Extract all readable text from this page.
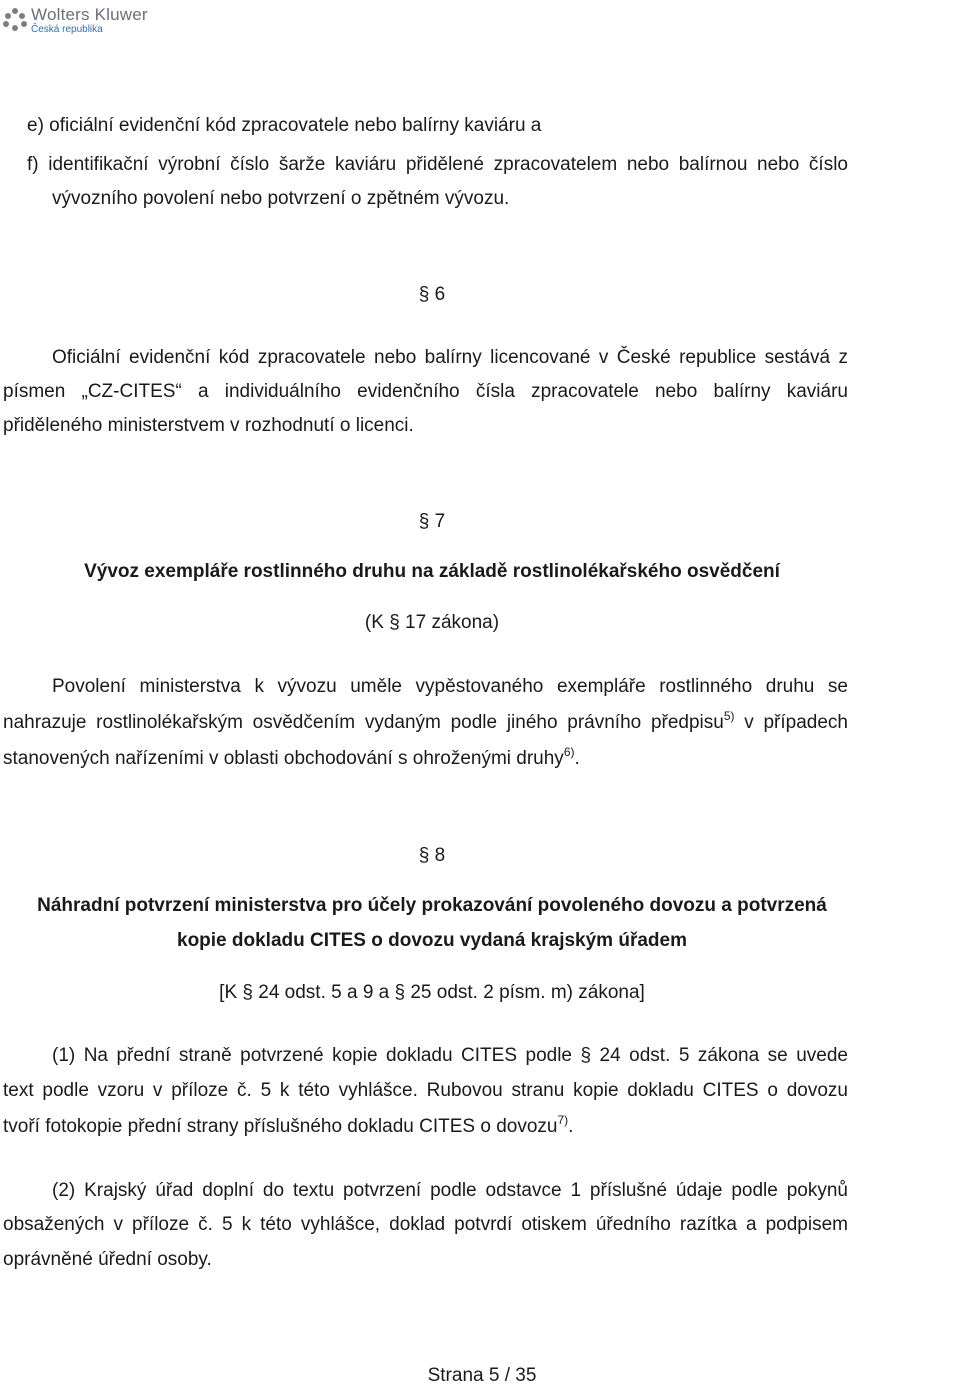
Wolters Kluwer
Česká republika
e) oficiální evidenční kód zpracovatele nebo balírny kaviáru a
f) identifikační výrobní číslo šarže kaviáru přidělené zpracovatelem nebo balírnou nebo číslo
vývozního povolení nebo potvrzení o zpětném vývozu.
§ 6
Oficiální evidenční kód zpracovatele nebo balírny licencované v České republice sestává z
písmen „CZ-CITES“ a individuálního evidenčního čísla zpracovatele nebo balírny kaviáru
přiděleného ministerstvem v rozhodnutí o licenci.
§ 7
Vývoz exempláře rostlinného druhu na základě rostlinolékařského osvědčení
(K § 17 zákona)
Povolení ministerstva k vývozu uměle vypěstovaného exempláře rostlinného druhu se
nahrazuje rostlinolékařským osvědčením vydaným podle jiného právního předpisu$^{5)}$ v případech
stanovených nařízeními v oblasti obchodování s ohroženými druhy$^{6)}$.
§ 8
Náhradní potvrzení ministerstva pro účely prokazování povoleného dovozu a potvrzená
kopie dokladu CITES o dovozu vydaná krajským úřadem
[K § 24 odst. 5 a 9 a § 25 odst. 2 písm. m) zákona]
(1) Na přední straně potvrzené kopie dokladu CITES podle § 24 odst. 5 zákona se uvede
text podle vzoru v příloze č. 5 k této vyhlášce. Rubovou stranu kopie dokladu CITES o dovozu
tvoří fotokopie přední strany příslušného dokladu CITES o dovozu$^{7)}$.
(2) Krajský úřad doplní do textu potvrzení podle odstavce 1 příslušné údaje podle pokynů
obsažených v příloze č. 5 k této vyhlášce, doklad potvrdí otiskem úředního razítka a podpisem
oprávněné úřední osoby.
Strana 5 / 35
